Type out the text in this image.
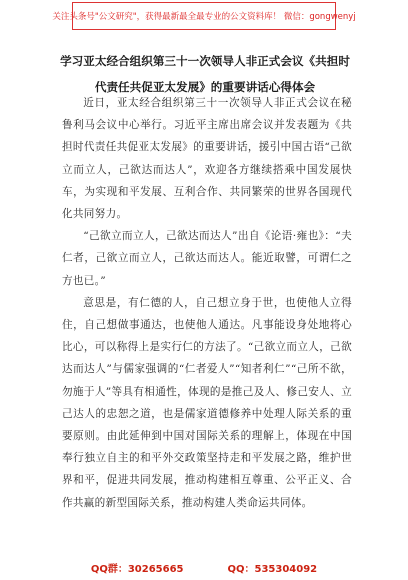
关注头条号"公文研究"，获得最新最全最专业的公文资料库！ 微信：gongwenyj
学习亚太经合组织第三十一次领导人非正式会议《共担时
代责任共促亚太发展》的重要讲话心得体会

近日，亚太经合组织第三十一次领导人非正式会议在秘鲁利马会议中心举行。习近平主席出席会议并发表题为《共担时代责任共促亚太发展》的重要讲话，援引中国古语“己欲立而立人，己欲达而达人”，欢迎各方继续搭乘中国发展快车，为实现和平发展、互利合作、共同繁荣的世界各国现代化共同努力。

“己欲立而立人，己欲达而达人”出自《论语·雍也》：“夫仁者，己欲立而立人，己欲达而达人。能近取譬，可谓仁之方也已。”

意思是，有仁德的人，自己想立身于世，也使他人立得住，自己想做事通达，也使他人通达。凡事能设身处地将心比心，可以称得上是实行仁的方法了。“己欲立而立人，己欲达而达人”与儒家强调的“仁者爱人”“知者利仁”“己所不欲，勿施于人”等具有相通性，体现的是推己及人、修己安人、立己达人的忠恕之道，也是儒家道德修养中处理人际关系的重要原则。由此延伸到中国对国际关系的理解上，体现在中国奉行独立自主的和平外交政策坚持走和平发展之路，维护世界和平，促进共同发展，推动构建相互尊重、公平正义、合作共赢的新型国际关系，推动构建人类命运共同体。

QQ群：30265665	QQ：535304092
